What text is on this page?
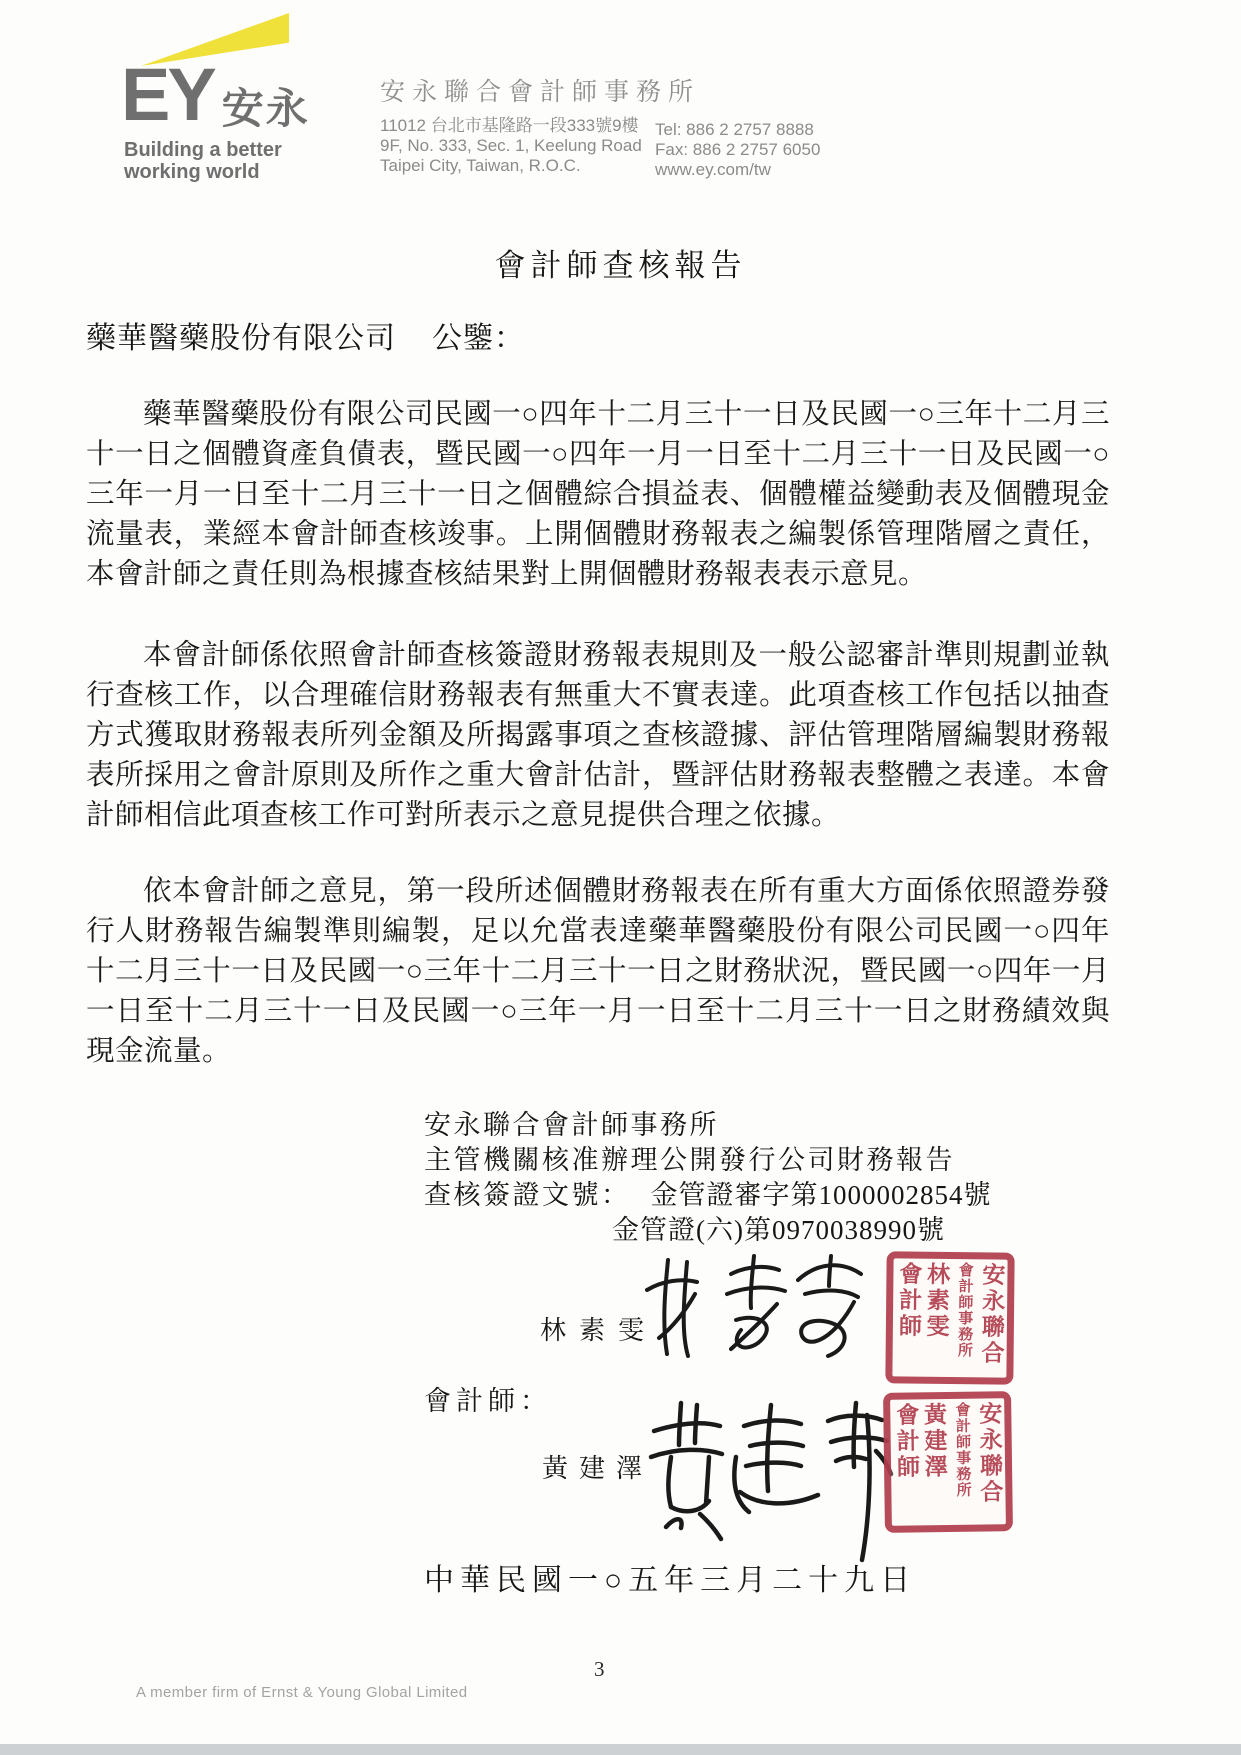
EY 安永
Building a better
working world
安永聯合會計師事務所
11012 台北市基隆路一段333號9樓
9F, No. 333, Sec. 1, Keelung Road
Taipei City, Taiwan, R.O.C.
Tel: 886 2 2757 8888
Fax: 886 2 2757 6050
www.ey.com/tw
會計師查核報告
藥華醫藥股份有限公司 公鑒：
藥華醫藥股份有限公司民國一○四年十二月三十一日及民國一○三年十二月三十一日之個體資產負債表，暨民國一○四年一月一日至十二月三十一日及民國一○三年一月一日至十二月三十一日之個體綜合損益表、個體權益變動表及個體現金流量表，業經本會計師查核竣事。上開個體財務報表之編製係管理階層之責任，本會計師之責任則為根據查核結果對上開個體財務報表表示意見。
本會計師係依照會計師查核簽證財務報表規則及一般公認審計準則規劃並執行查核工作，以合理確信財務報表有無重大不實表達。此項查核工作包括以抽查方式獲取財務報表所列金額及所揭露事項之查核證據、評估管理階層編製財務報表所採用之會計原則及所作之重大會計估計，暨評估財務報表整體之表達。本會計師相信此項查核工作可對所表示之意見提供合理之依據。
依本會計師之意見，第一段所述個體財務報表在所有重大方面係依照證券發行人財務報告編製準則編製，足以允當表達藥華醫藥股份有限公司民國一○四年十二月三十一日及民國一○三年十二月三十一日之財務狀況，暨民國一○四年一月一日至十二月三十一日及民國一○三年一月一日至十二月三十一日之財務績效與現金流量。
安永聯合會計師事務所
主管機關核准辦理公開發行公司財務報告
查核簽證文號： 金管證審字第1000002854號
金管證(六)第0970038990號
會計師：
林素雯
黃建澤
安永聯合
會計師事務所
林素雯
會計師
安永聯合
會計師事務所
黃建澤
會計師
中華民國一○五年三月二十九日
A member firm of Ernst & Young Global Limited
3
